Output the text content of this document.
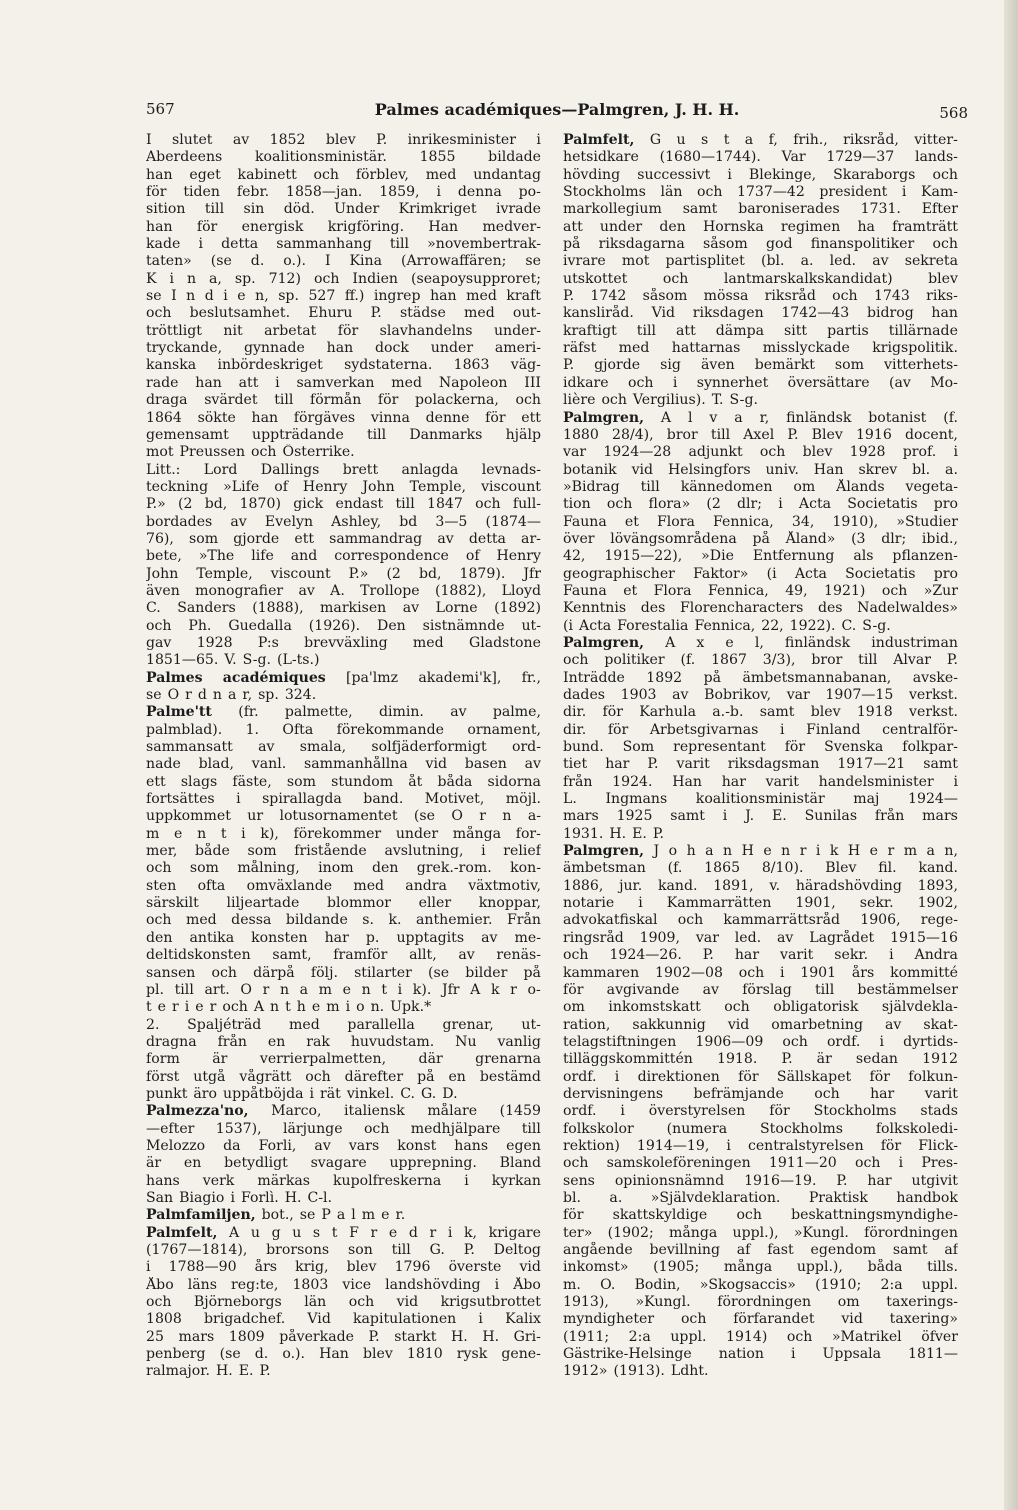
567	Palmes académiques—Palmgren, J. H. H.	568
I slutet av 1852 blev P. inrikesminister i
Aberdeens koalitionsministär. 1855 bildade
han eget kabinett och förblev, med undantag
för tiden febr. 1858—jan. 1859, i denna po-
sition till sin död. Under Krimkriget ivrade
han för energisk krigföring. Han medver-
kade i detta sammanhang till »novembertrak-
taten» (se d. o.). I Kina (Arrowaffären; se
K i n a, sp. 712) och Indien (seapoysupproret;
se I n d i e n, sp. 527 ff.) ingrep han med kraft
och beslutsamhet. Ehuru P. städse med out-
tröttligt nit arbetat för slavhandelns under-
tryckande, gynnade han dock under ameri-
kanska inbördeskriget sydstaterna. 1863 väg-
rade han att i samverkan med Napoleon III
draga svärdet till förmån för polackerna, och
1864 sökte han förgäves vinna denne för ett
gemensamt uppträdande till Danmarks hjälp
mot Preussen och Österrike.
Litt.: Lord Dallings brett anlagda levnads-
teckning »Life of Henry John Temple, viscount
P.» (2 bd, 1870) gick endast till 1847 och full-
bordades av Evelyn Ashley, bd 3—5 (1874—
76), som gjorde ett sammandrag av detta ar-
bete, »The life and correspondence of Henry
John Temple, viscount P.» (2 bd, 1879). Jfr
även monografier av A. Trollope (1882), Lloyd
C. Sanders (1888), markisen av Lorne (1892)
och Ph. Guedalla (1926). Den sistnämnde ut-
gav 1928 P:s brevväxling med Gladstone
1851—65. V. S-g. (L-ts.)
Palmes académiques [pa'lmz akademi'k], fr.,
se O r d n a r, sp. 324.
Palme'tt (fr. palmette, dimin. av palme,
palmblad). 1. Ofta förekommande ornament,
sammansatt av smala, solfjäderformigt ord-
nade blad, vanl. sammanhållna vid basen av
ett slags fäste, som stundom åt båda sidorna
fortsättes i spirallagda band. Motivet, möjl.
uppkommet ur lotusornamentet (se O r n a-
m e n t i k), förekommer under många for-
mer, både som fristående avslutning, i relief
och som målning, inom den grek.-rom. kon-
sten ofta omväxlande med andra växtmotiv,
särskilt liljeartade blommor eller knoppar,
och med dessa bildande s. k. anthemier. Från
den antika konsten har p. upptagits av me-
deltidskonsten samt, framför allt, av renäs-
sansen och därpå följ. stilarter (se bilder på
pl. till art. O r n a m e n t i k). Jfr A k r o-
t e r i e r och A n t h e m i o n. Upk.*
2. Spaljéträd med parallella grenar, ut-
dragna från en rak huvudstam. Nu vanlig
form är verrierpalmetten, där grenarna
först utgå vågrätt och därefter på en bestämd
punkt äro uppåtböjda i rät vinkel. C. G. D.
Palmezza'no, Marco, italiensk målare (1459
—efter 1537), lärjunge och medhjälpare till
Melozzo da Forli, av vars konst hans egen
är en betydligt svagare upprepning. Bland
hans verk märkas kupolfreskerna i kyrkan
San Biagio i Forlì. H. C-l.
Palmfamiljen, bot., se P a l m e r.
Palmfelt, A u g u s t F r e d r i k, krigare
(1767—1814), brorsons son till G. P. Deltog
i 1788—90 års krig, blev 1796 överste vid
Åbo läns reg:te, 1803 vice landshövding i Åbo
och Björneborgs län och vid krigsutbrottet
1808 brigadchef. Vid kapitulationen i Kalix
25 mars 1809 påverkade P. starkt H. H. Gri-
penberg (se d. o.). Han blev 1810 rysk gene-
ralmajor. H. E. P.
Palmfelt, G u s t a f, frih., riksråd, vitter-
hetsidkare (1680—1744). Var 1729—37 lands-
hövding successivt i Blekinge, Skaraborgs och
Stockholms län och 1737—42 president i Kam-
markollegium samt baroniserades 1731. Efter
att under den Hornska regimen ha framträtt
på riksdagarna såsom god finanspolitiker och
ivrare mot partisplitet (bl. a. led. av sekreta
utskottet	och	lantmarskalkskandidat)	blev
P. 1742 såsom mössa riksråd och 1743 riks-
kansliråd. Vid riksdagen 1742—43 bidrog han
kraftigt till att dämpa sitt partis tillärnade
räfst med hattarnas misslyckade krigspolitik.
P. gjorde sig även bemärkt som vitterhets-
idkare och i synnerhet översättare (av Mo-
lière och Vergilius). T. S-g.
Palmgren, A l v a r, finländsk botanist (f.
1880 28/4), bror till Axel P. Blev 1916 docent,
var 1924—28 adjunkt och blev 1928 prof. i
botanik vid Helsingfors univ. Han skrev bl. a.
»Bidrag till kännedomen om Ålands vegeta-
tion och flora» (2 dlr; i Acta Societatis pro
Fauna et Flora Fennica, 34, 1910), »Studier
över lövängsområdena på Åland» (3 dlr; ibid.,
42, 1915—22), »Die Entfernung als pflanzen-
geographischer Faktor» (i Acta Societatis pro
Fauna et Flora Fennica, 49, 1921) och »Zur
Kenntnis des Florencharacters des Nadelwaldes»
(i Acta Forestalia Fennica, 22, 1922). C. S-g.
Palmgren, A x e l, finländsk industriman
och politiker (f. 1867 3/3), bror till Alvar P.
Inträdde 1892 på ämbetsmannabanan, avske-
dades 1903 av Bobrikov, var 1907—15 verkst.
dir. för Karhula a.-b. samt blev 1918 verkst.
dir. för Arbetsgivarnas i Finland centralför-
bund. Som representant för Svenska folkpar-
tiet har P. varit riksdagsman 1917—21 samt
från 1924. Han har varit handelsminister i
L. Ingmans koalitionsministär maj 1924—
mars 1925 samt i J. E. Sunilas från mars
1931. H. E. P.
Palmgren, J o h a n H e n r i k H e r m a n,
ämbetsman (f. 1865 8/10). Blev fil. kand.
1886, jur. kand. 1891, v. häradshövding 1893,
notarie i Kammarrätten 1901, sekr. 1902,
advokatfiskal och kammarrättsråd 1906, rege-
ringsråd 1909, var led. av Lagrådet 1915—16
och 1924—26. P. har varit sekr. i Andra
kammaren 1902—08 och i 1901 års kommitté
för avgivande av förslag till bestämmelser
om inkomstskatt och obligatorisk självdekla-
ration, sakkunnig vid omarbetning av skat-
telagstiftningen 1906—09 och ordf. i dyrtids-
tilläggskommittén 1918. P. är sedan 1912
ordf. i direktionen för Sällskapet för folkun-
dervisningens befrämjande och har varit
ordf. i överstyrelsen för Stockholms stads
folkskolor (numera Stockholms folkskoledi-
rektion) 1914—19, i centralstyrelsen för Flick-
och samskoleföreningen 1911—20 och i Pres-
sens opinionsnämnd 1916—19. P. har utgivit
bl. a. »Självdeklaration. Praktisk handbok
för skattskyldige och beskattningsmyndighe-
ter» (1902; många uppl.), »Kungl. förordningen
angående bevillning af fast egendom samt af
inkomst» (1905; många uppl.), båda tills.
m. O. Bodin, »Skogsaccis» (1910; 2:a uppl.
1913), »Kungl. förordningen om taxerings-
myndigheter och förfarandet vid taxering»
(1911; 2:a uppl. 1914) och »Matrikel öfver
Gästrike-Helsinge nation i Uppsala 1811—
1912» (1913). Ldht.
